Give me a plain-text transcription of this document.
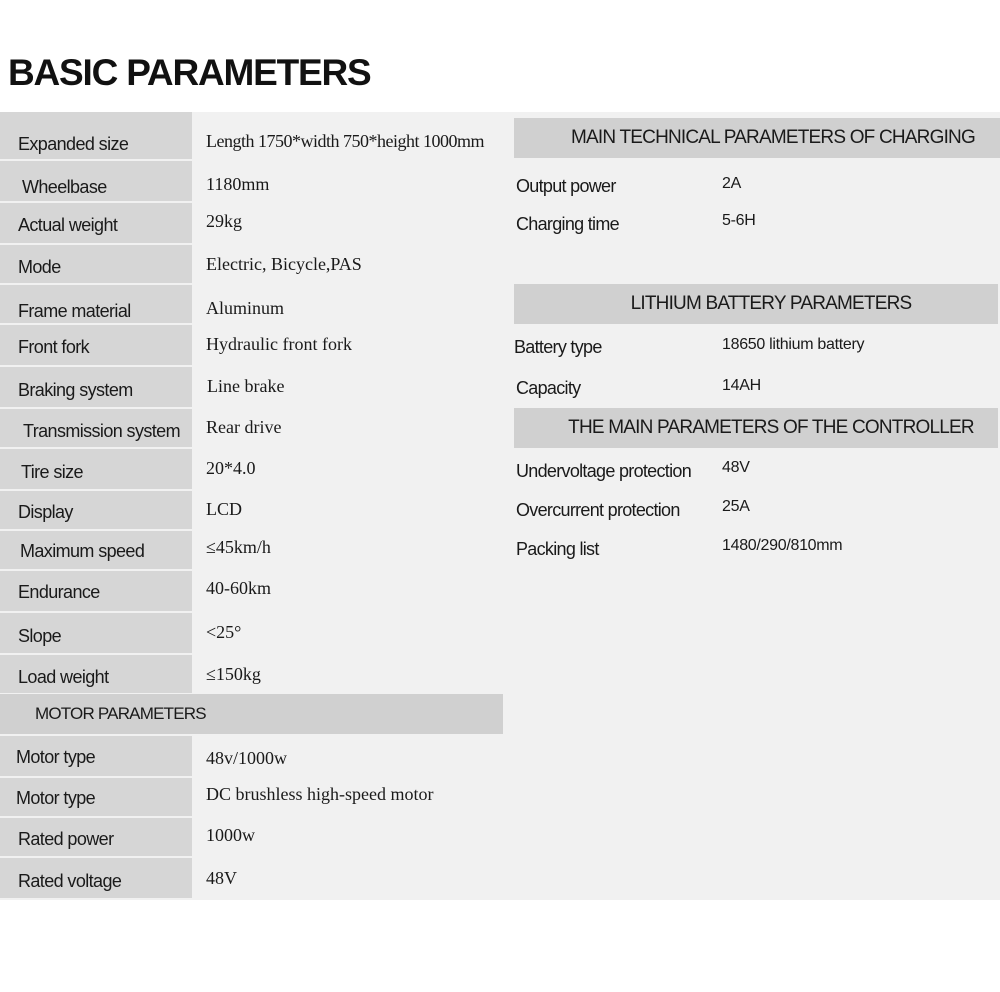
BASIC PARAMETERS
Expanded size	Length 1750*width 750*height 1000mm
Wheelbase	1180mm
Actual weight	29kg
Mode	Electric, Bicycle,PAS
Frame material	Aluminum
Front fork	Hydraulic front fork
Braking system	Line brake
Transmission system	Rear drive
Tire size	20*4.0
Display	LCD
Maximum speed	≤45km/h
Endurance	40-60km
Slope	<25°
Load weight	≤150kg
MOTOR PARAMETERS
Motor type	48v/1000w
Motor type	DC brushless high-speed motor
Rated power	1000w
Rated voltage	48V
MAIN TECHNICAL PARAMETERS OF CHARGING
Output power	2A
Charging time	5-6H
LITHIUM BATTERY PARAMETERS
Battery type	18650 lithium battery
Capacity	14AH
THE MAIN PARAMETERS OF THE CONTROLLER
Undervoltage protection 48V
Overcurrent protection	25A
Packing list	1480/290/810mm
